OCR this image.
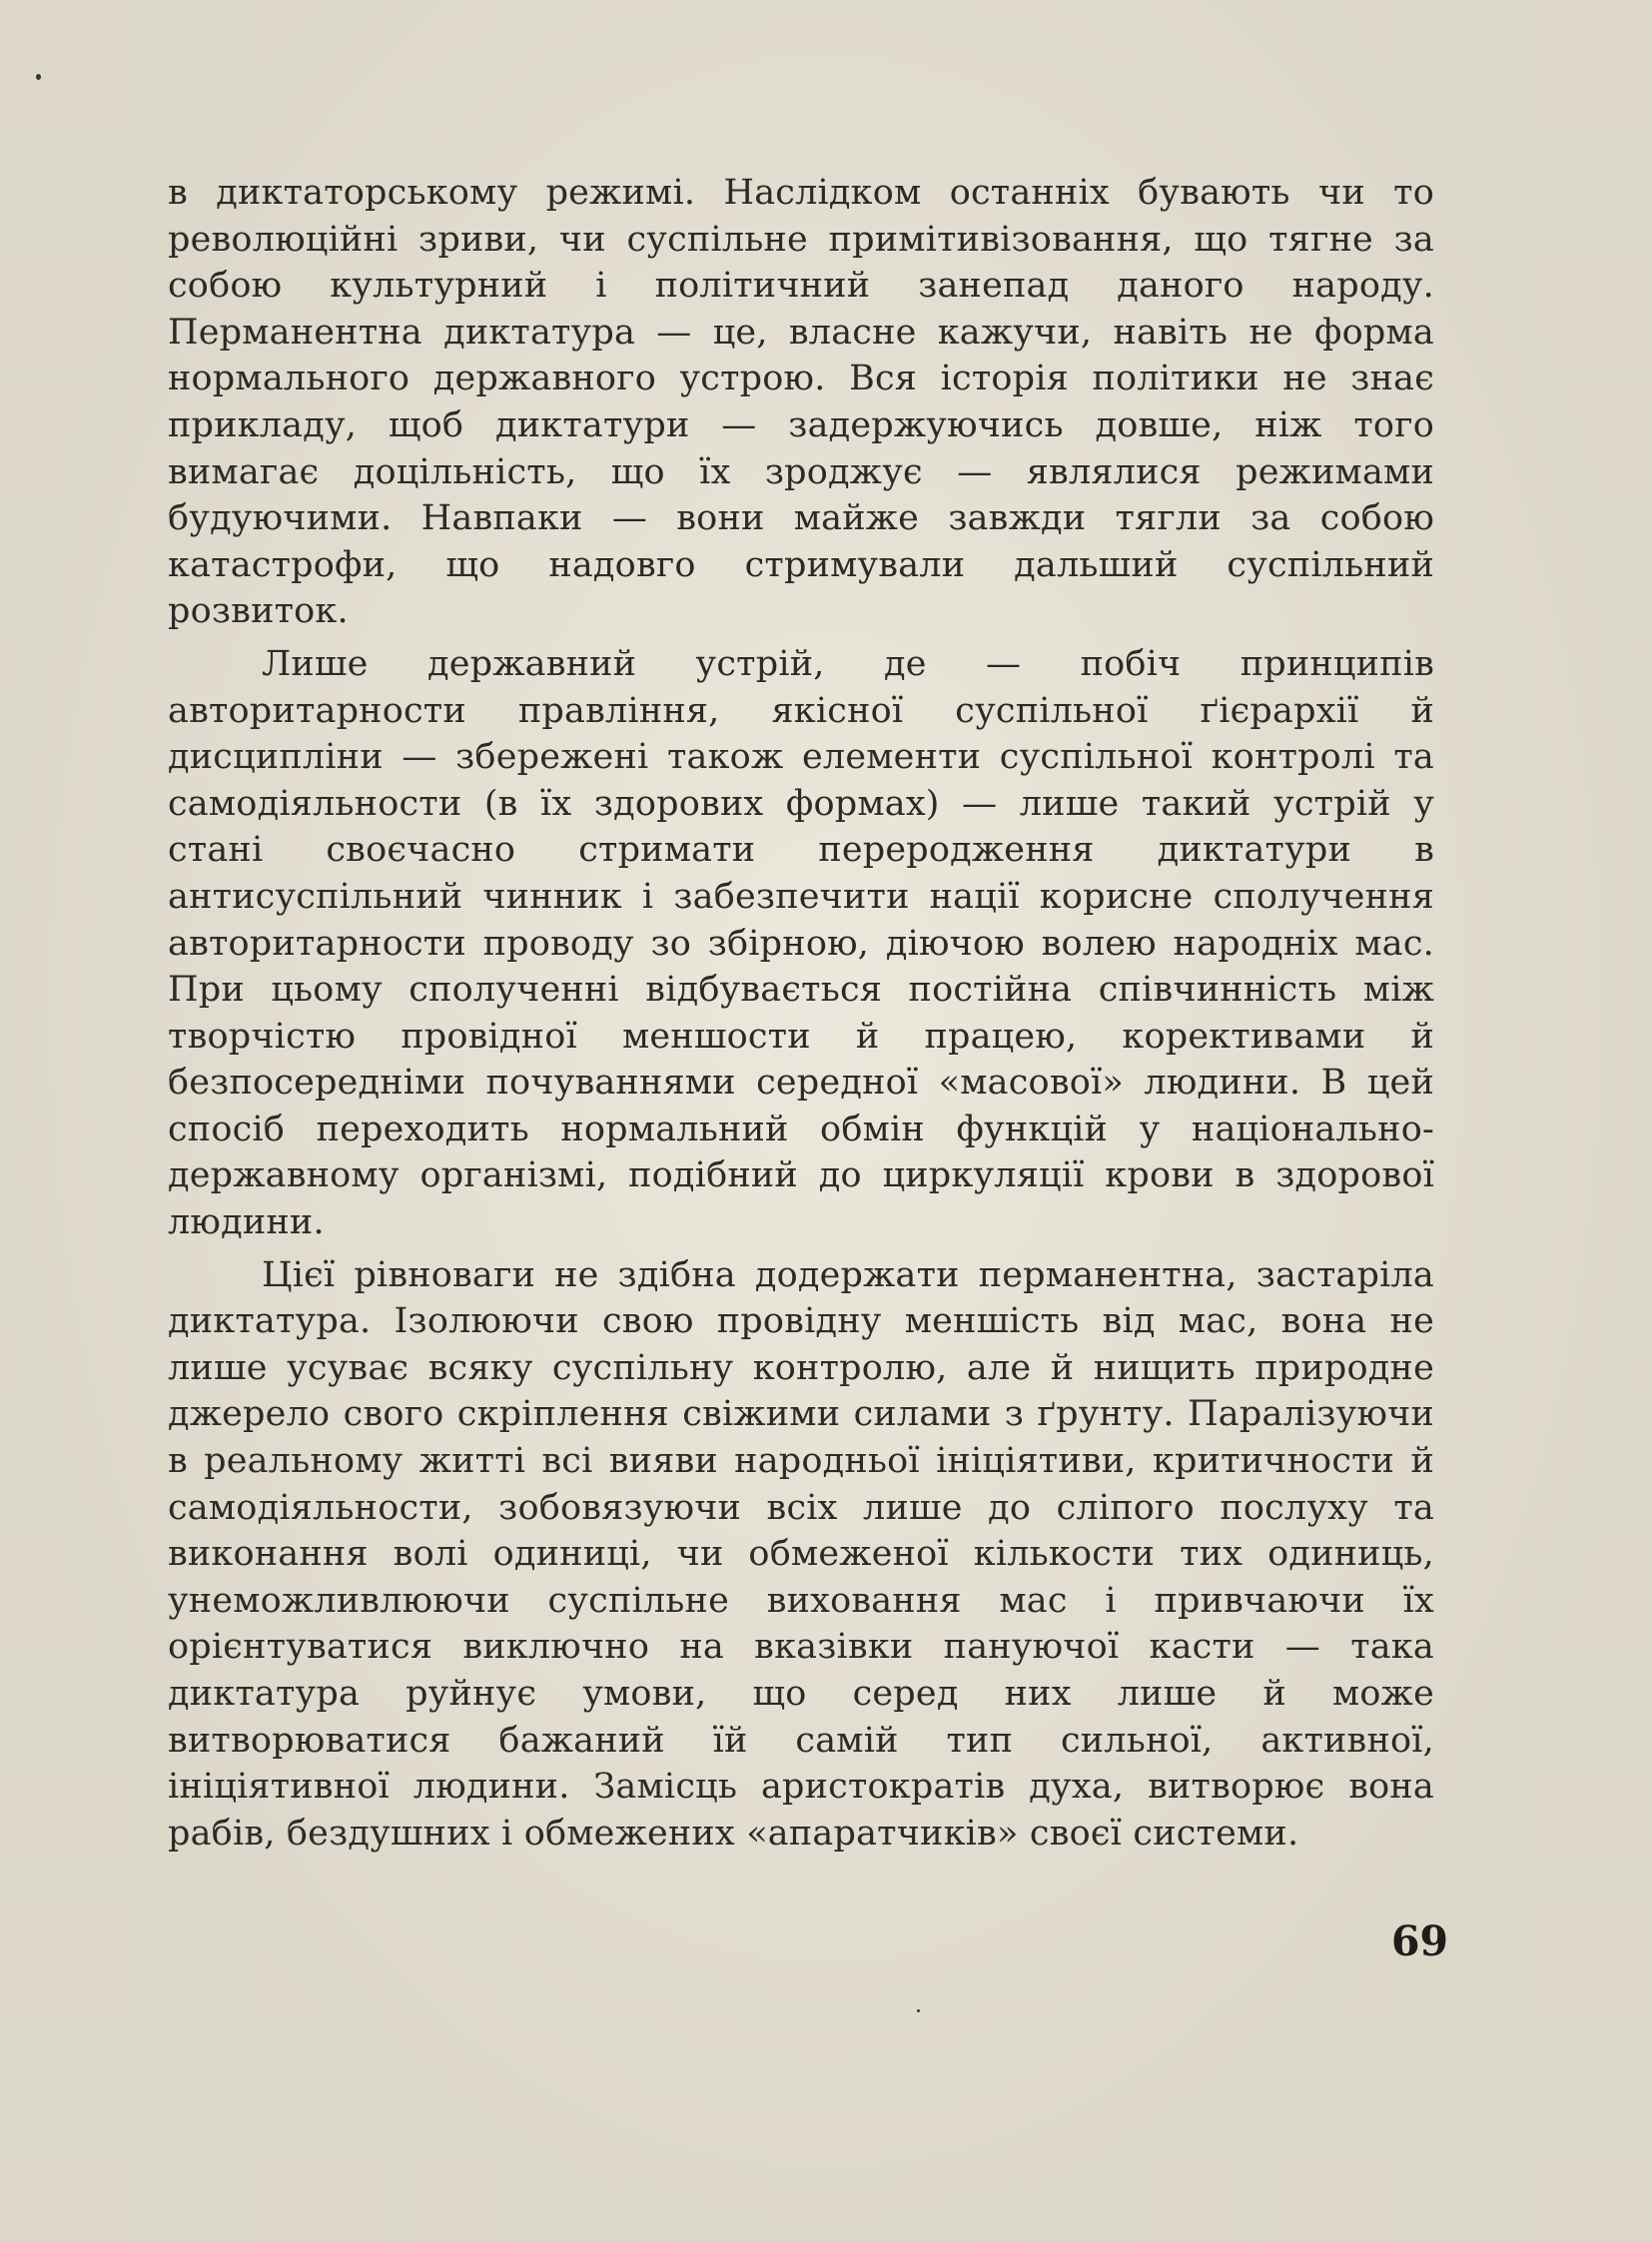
в диктаторському режимі. Наслідком останніх бувають чи то революційні зриви, чи суспільне примітивізовання, що тягне за собою культурний і політичний занепад даного народу. Перманентна диктатура — це, власне кажучи, навіть не форма нормального державного устрою. Вся історія політики не знає прикладу, щоб диктатури — задержуючись довше, ніж того вимагає доцільність, що їх зроджує — являлися режимами будуючими. Навпаки — вони майже завжди тягли за собою катастрофи, що надовго стримували дальший суспільний розвиток.

Лише державний устрій, де — побіч принципів авторитарности правління, якісної суспільної ґієрархії й дисципліни — збережені також елементи суспільної контролі та самодіяльности (в їх здорових формах) — лише такий устрій у стані своєчасно стримати переродження диктатури в антисуспільний чинник і забезпечити нації корисне сполучення авторитарности проводу зо збірною, діючою волею народніх мас. При цьому сполученні відбувається постійна співчинність між творчістю провідної меншости й працею, корективами й безпосередніми почуваннями середної «масової» людини. В цей спосіб переходить нормальний обмін функцій у національно-державному організмі, подібний до циркуляції крови в здорової людини.

Цієї рівноваги не здібна додержати перманентна, застаріла диктатура. Ізолюючи свою провідну меншість від мас, вона не лише усуває всяку суспільну контролю, але й нищить природне джерело свого скріплення свіжими силами з ґрунту. Паралізуючи в реальному житті всі вияви народньої ініціятиви, критичности й самодіяльности, зобовязуючи всіх лише до сліпого послуху та виконання волі одиниці, чи обмеженої кількости тих одиниць, унеможливлюючи суспільне виховання мас і привчаючи їх орієнтуватися виключно на вказівки пануючої касти — така диктатура руйнує умови, що серед них лише й може витворюватися бажаний їй самій тип сильної, активної, ініціятивної людини. Замісць аристократів духа, витворює вона рабів, бездушних і обмежених «апаратчиків» своєї системи.

69
